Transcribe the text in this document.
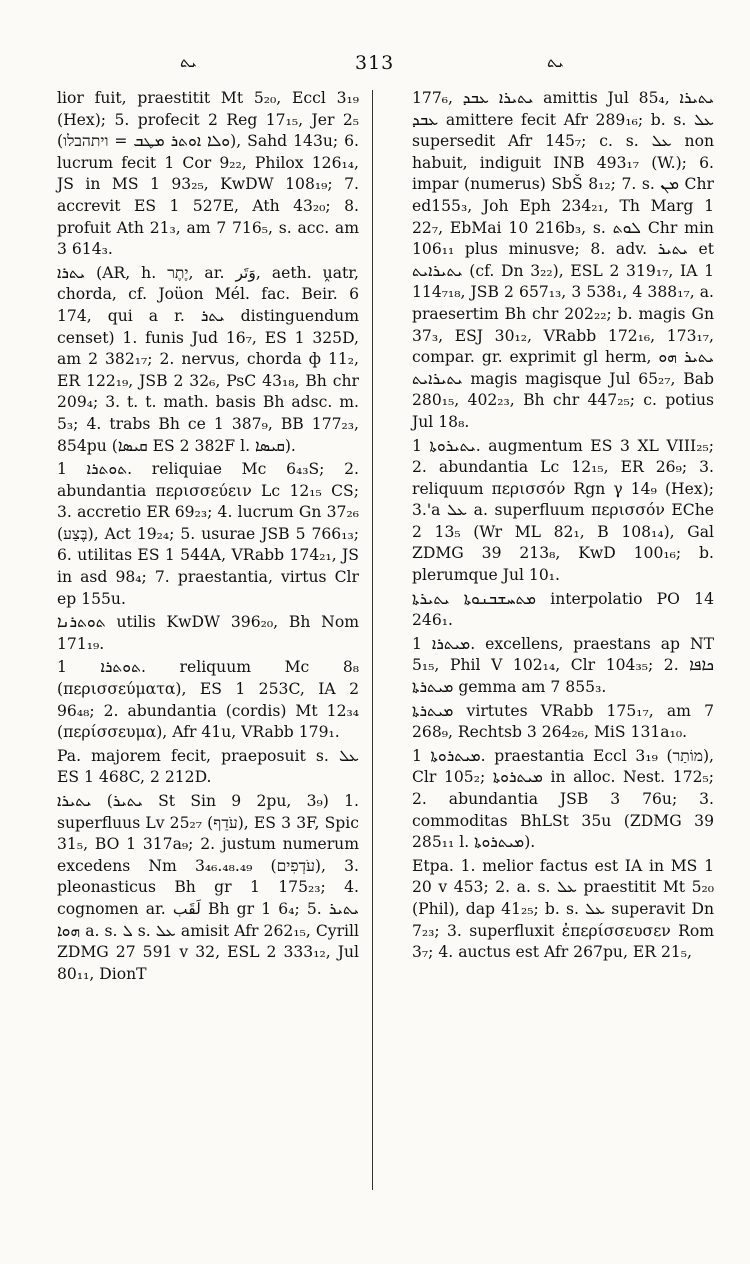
ܝܬ	313	ܝܬ

lior fuit, praestitit Mt 5₂₀, Eccl 3₁₉ (Hex); 5. profecit 2 Reg 17₁₅, Jer 2₅ (ܘܠܐ ܐܘܬܪ ܡܛܒ = ויתהבלו), Sahd 143u; 6. lucrum fecit 1 Cor 9₂₂, Philox 126₁₄, JS in MS 1 93₂₅, KwDW 108₁₉; 7. accrevit ES 1 527E, Ath 43₂₀; 8. profuit Ath 21₃, am 7 716₅, s. acc. am 3 614₃.

ܝܬܪܐ (AR, h. יֶתֶר, ar. وَتَر, aeth. ṷatr, chorda, cf. Joüon Mél. fac. Beir. 6 174, qui a r. ܝܬܪ distinguendum censet) 1. funis Jud 16₇, ES 1 325D, am 2 382₁₇; 2. nervus, chorda ф 11₂, ER 122₁₉, JSB 2 32₆, PsC 43₁₈, Bh chr 209₄; 3. t. t. math. basis Bh adsc. m. 5₃; 4. trabs Bh ce 1 387₉, BB 177₂₃, 854pu (ܩܝܣܐ ES 2 382F l. ܩܝܣܐ).

ܬܘܬܪܐ 1. reliquiae Mc 6₄₃S; 2. abundantia περισσεύειν Lc 12₁₅ CS; 3. accretio ER 69₂₃; 4. lucrum Gn 37₂₆ (בֶּצַע), Act 19₂₄; 5. usurae JSB 5 766₁₃; 6. utilitas ES 1 544A, VRabb 174₂₁, JS in asd 98₄; 7. praestantia, virtus Clr ep 155u.

ܬܘܬܪܢܐ utilis KwDW 396₂₀, Bh Nom 171₁₉.

ܬܘܬܪܐ 1. reliquum Mc 8₈ (περισσεύματα), ES 1 253C, IA 2 96₄₈; 2. abundantia (cordis) Mt 12₃₄ (περίσσευμα), Afr 41u, VRabb 179₁.

Pa. majorem fecit, praeposuit s. ܥܠ ES 1 468C, 2 212D.

ܝܬܝܪܐ (ܝܬܝܪ St Sin 9 2pu, 3₉) 1. superfluus Lv 25₂₇ (עֹדֵף), ES 3 3F, Spic 31₅, BO 1 317a₉; 2. justum numerum excedens Nm 3₄₆.₄₈.₄₉ (עֹדְפִים), 3. pleonasticus Bh gr 1 175₂₃; 4. cognomen ar. لَقَب Bh gr 1 6₄; 5. ܝܬܝܪ ܗܘܐ a. s. ܠ s. ܥܠ amisit Afr 262₁₅, Cyrill ZDMG 27 591 v 32, ESL 2 333₁₂, Jul 80₁₁, DionT

177₆, ܝܬܝܪܐ ܥܒܕ amittis Jul 85₄, ܝܬܝܪܐ ܥܒܕ amittere fecit Afr 289₁₆; b. s. ܥܠ supersedit Afr 145₇; c. s. ܥܠ non habuit, indiguit INB 493₁₇ (W.); 6. impar (numerus) SbŠ 8₁₂; 7. s. ܡܢ Chr ed155₃, Joh Eph 234₂₁, Th Marg 1 22₇, EbMai 10 216b₃, s. ܠܘܬ Chr min 106₁₁ plus minusve; 8. adv. ܝܬܝܪ et ܝܬܝܪܐܝܬ (cf. Dn 3₂₂), ESL 2 319₁₇, IA 1 114₇₁₈, JSB 2 657₁₃, 3 538₁, 4 388₁₇, a. praesertim Bh chr 202₂₂; b. magis Gn 37₃, ESJ 30₁₂, VRabb 172₁₆, 173₁₇, compar. gr. exprimit gl herm, ܝܬܝܪ ܗܘ ܝܬܝܪܐܝܬ magis magisque Jul 65₂₇, Bab 280₁₅, 402₂₃, Bh chr 447₂₅; c. potius Jul 18₈.

ܝܬܝܪܘܬܐ 1. augmentum ES 3 XL VIII₂₅; 2. abundantia Lc 12₁₅, ER 26₉; 3. reliquum περισσόν Rgn γ 14₉ (Hex); 3.'a ܥܠ a. superfluum περισσόν EChe 2 13₅ (Wr ML 82₁, B 108₁₄), Gal ZDMG 39 213₈, KwD 100₁₆; b. plerumque Jul 10₁.

ܡܬܚܫܒܢܘܬܐ ܝܬܝܪܬܐ interpolatio PO 14 246₁.

ܡܝܬܪܐ 1. excellens, praestans ap NT 5₁₅, Phil V 102₁₄, Clr 104₃₅; 2. ܟܐܦܐ ܡܝܬܪܬܐ gemma am 7 855₃.

ܡܝܬܪܬܐ virtutes VRabb 175₁₇, am 7 268₉, Rechtsb 3 264₂₆, MiS 131a₁₀.

ܡܝܬܪܘܬܐ 1. praestantia Eccl 3₁₉ (מוֹתַר), Clr 105₂; ܡܝܬܪܘܬܐ in alloc. Nest. 172₅; 2. abundantia JSB 3 76u; 3. commoditas BhLSt 35u (ZDMG 39 285₁₁ l. ܡܝܬܪܘܬܐ).

Etpa. 1. melior factus est IA in MS 1 20 v 453; 2. a. s. ܥܠ praestitit Mt 5₂₀ (Phil), dap 41₂₅; b. s. ܥܠ superavit Dn 7₂₃; 3. superfluxit ἐπερίσσευσεν Rom 3₇; 4. auctus est Afr 267pu, ER 21₅,
